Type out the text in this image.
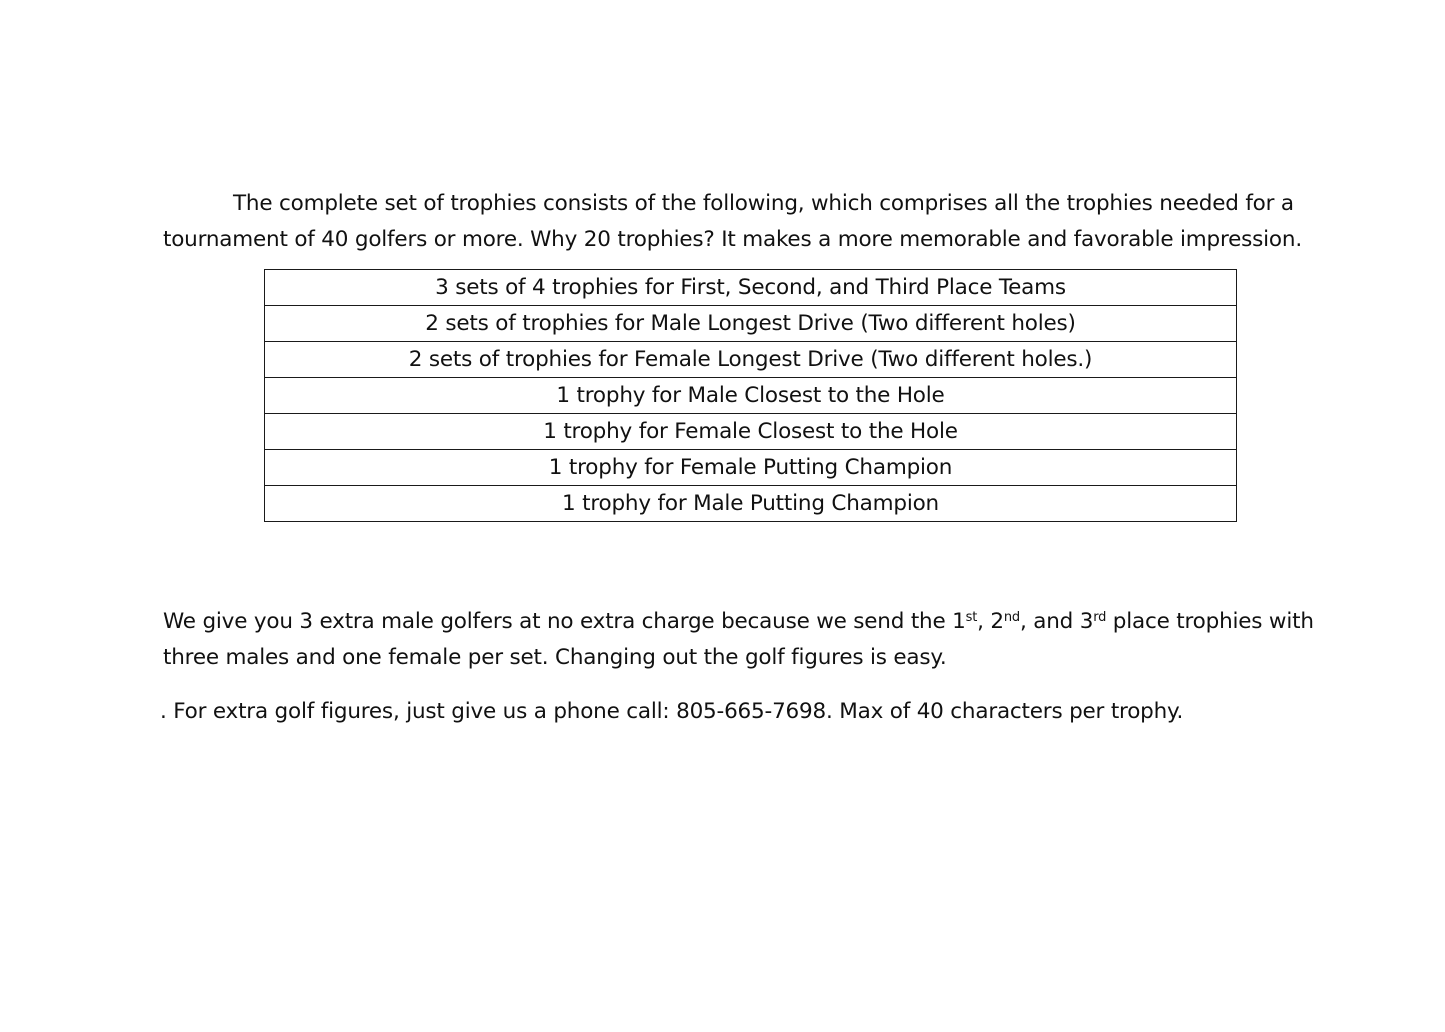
The complete set of trophies consists of the following, which comprises all the trophies needed for a
tournament of 40 golfers or more. Why 20 trophies? It makes a more memorable and favorable impression.

3 sets of 4 trophies for First, Second, and Third Place Teams
2 sets of trophies for Male Longest Drive (Two different holes)
2 sets of trophies for Female Longest Drive (Two different holes.)
1 trophy for Male Closest to the Hole
1 trophy for Female Closest to the Hole
1 trophy for Female Putting Champion
1 trophy for Male Putting Champion

We give you 3 extra male golfers at no extra charge because we send the 1st, 2nd, and 3rd place trophies with
three males and one female per set. Changing out the golf figures is easy.

. For extra golf figures, just give us a phone call: 805-665-7698. Max of 40 characters per trophy.
